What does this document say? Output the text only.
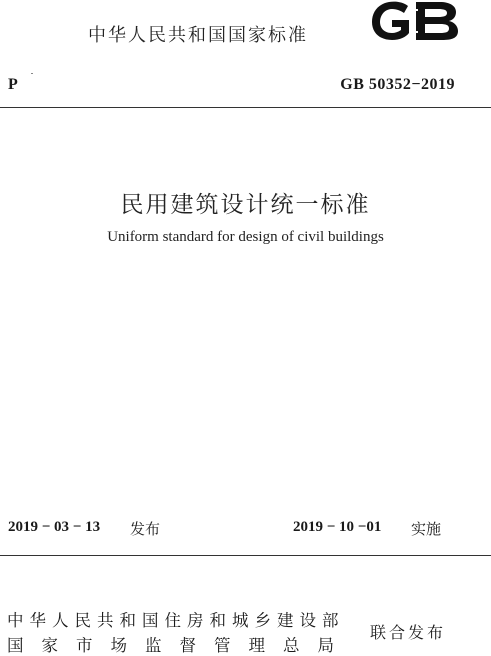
中华人民共和国国家标准
P	GB 50352−2019
民用建筑设计统一标准
Uniform standard for design of civil buildings
2019 − 03 − 13 发布	2019 − 10 −01 实施
中华人民共和国住房和城乡建设部
国家市场监督管理总局
联合发布
